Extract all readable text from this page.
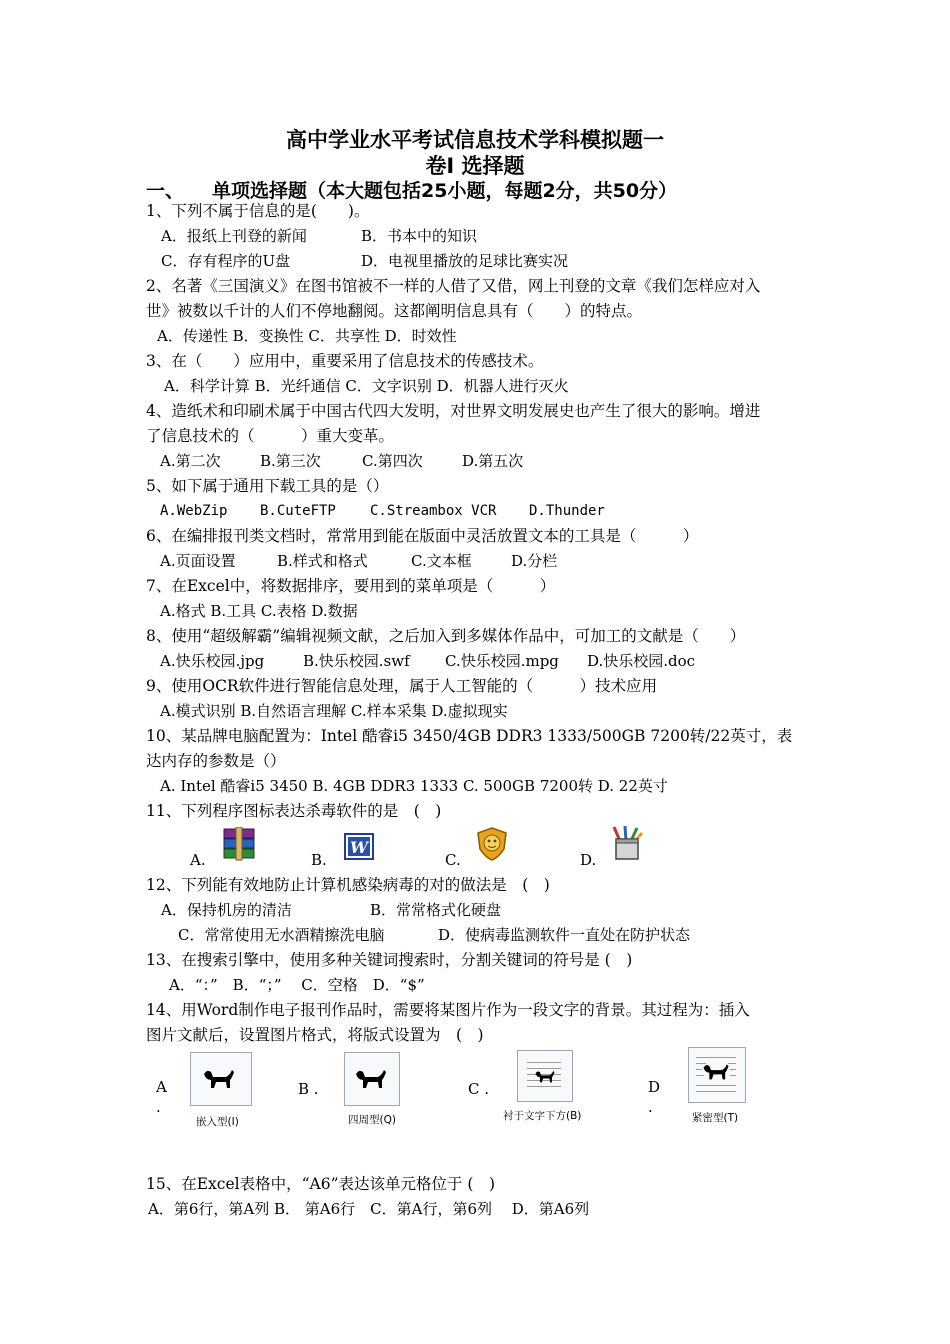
高中学业水平考试信息技术学科模拟题一
卷Ⅰ 选择题
一、 单项选择题（本大题包括25小题，每题2分，共50分）
1、下列不属于信息的是(　　)。
A．报纸上刊登的新闻	B．书本中的知识
C．存有程序的U盘	D．电视里播放的足球比赛实况
2、名著《三国演义》在图书馆被不一样的人借了又借，网上刊登的文章《我们怎样应对入
世》被数以千计的人们不停地翻阅。这都阐明信息具有（　　）的特点。
A．传递性 B．变换性 C．共享性 D．时效性
3、在（　　）应用中，重要采用了信息技术的传感技术。
A．科学计算 B．光纤通信 C．文字识别 D．机器人进行灭火
4、造纸术和印刷术属于中国古代四大发明，对世界文明发展史也产生了很大的影响。增进
了信息技术的（　　　）重大变革。
A.第二次	B.第三次	C.第四次	D.第五次
5、如下属于通用下载工具的是（）
A.WebZip B.CuteFTP C.Streambox VCR D.Thunder
6、在编排报刊类文档时，常常用到能在版面中灵活放置文本的工具是（　　　）
A.页面设置	B.样式和格式	C.文本框	D.分栏
7、在Excel中，将数据排序，要用到的菜单项是（　　　）
A.格式 B.工具 C.表格 D.数据
8、使用“超级解霸”编辑视频文献，之后加入到多媒体作品中，可加工的文献是（　　）
A.快乐校园.jpg	B.快乐校园.swf C.快乐校园.mpg D.快乐校园.doc
9、使用OCR软件进行智能信息处理，属于人工智能的（　　　）技术应用
A.模式识别 B.自然语言理解 C.样本采集 D.虚拟现实
10、某品牌电脑配置为：Intel 酷睿i5 3450/4GB DDR3 1333/500GB 7200转/22英寸，表
达内存的参数是（）
A. Intel 酷睿i5 3450 B. 4GB DDR3 1333 C. 500GB 7200转 D. 22英寸
11、下列程序图标表达杀毒软件的是　(　)
A.	B.
W
C.	D.
12、下列能有效地防止计算机感染病毒的对的做法是　(　)
A．保持机房的清洁	B．常常格式化硬盘
C．常常使用无水酒精擦洗电脑	D．使病毒监测软件一直处在防护状态
13、在搜索引擎中，使用多种关键词搜索时，分割关键词的符号是 (　)
A．“：”　B．“；”　 C．空格　D．“$”
14、用Word制作电子报刊作品时，需要将某图片作为一段文字的背景。其过程为：插入
图片文献后，设置图片格式，将版式设置为　(　)
A
.
嵌入型(I)
B .
四周型(Q)
C .
衬于文字下方(B)
D
.
紧密型(T)
15、在Excel表格中，“A6”表达该单元格位于 (　)
A．第6行，第A列 B． 第A6行　C．第A行，第6列　 D．第A6列
